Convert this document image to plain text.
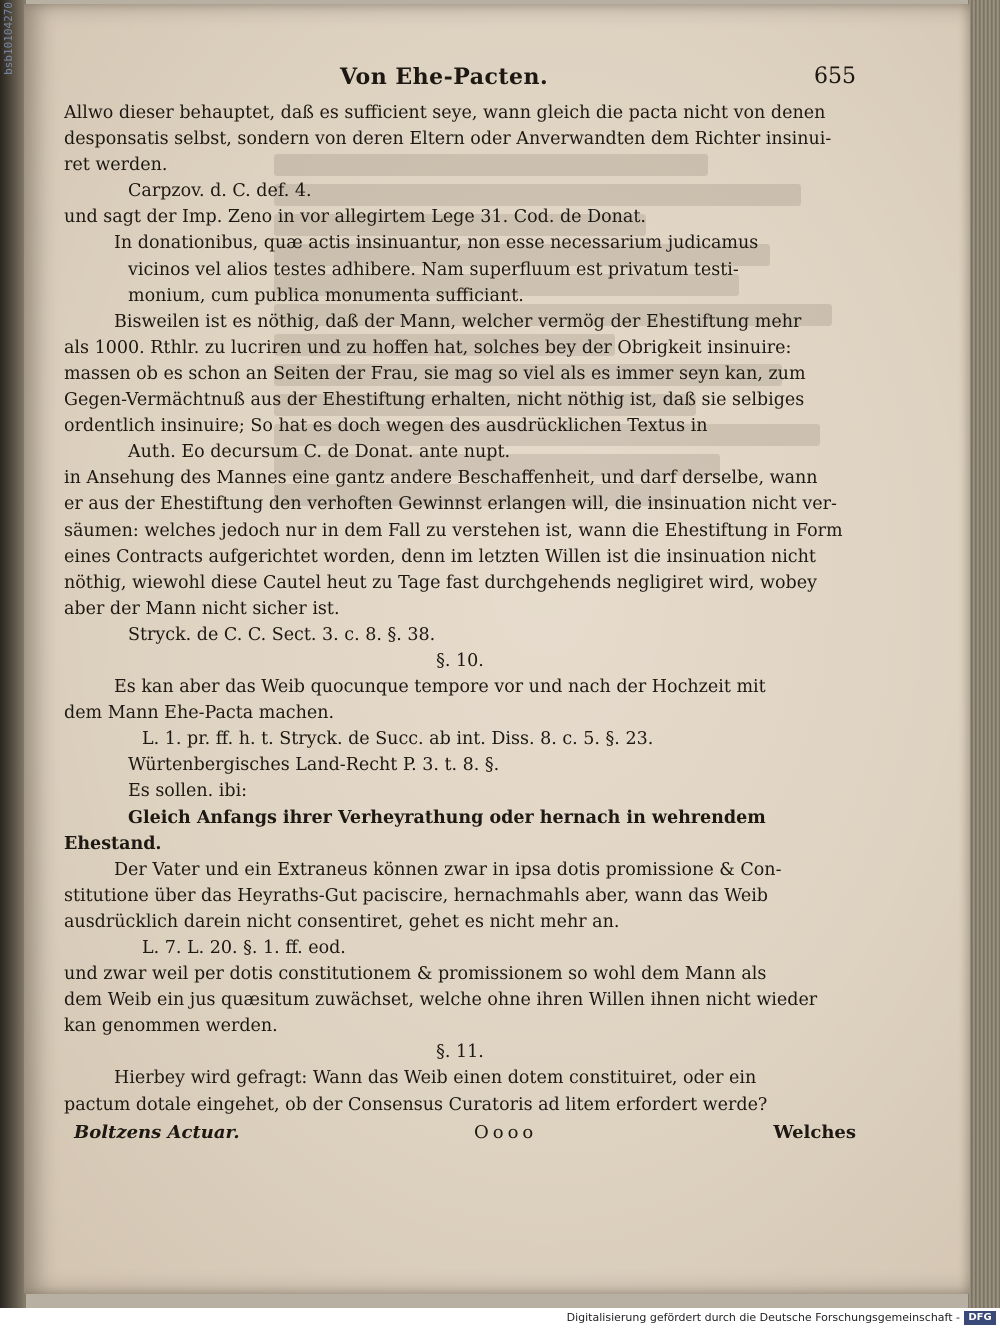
bsb10104270
Von Ehe-Pacten.	655
Allwo dieser behauptet, daß es sufficient seye, wann gleich die pacta nicht von denen
desponsatis selbst, sondern von deren Eltern oder Anverwandten dem Richter insinui-
ret werden.
Carpzov. d. C. def. 4.
und sagt der Imp. Zeno in vor allegirtem Lege 31. Cod. de Donat.
In donationibus, quæ actis insinuantur, non esse necessarium judicamus
vicinos vel alios testes adhibere. Nam superfluum est privatum testi-
monium, cum publica monumenta sufficiant.
Bisweilen ist es nöthig, daß der Mann, welcher vermög der Ehestiftung mehr
als 1000. Rthlr. zu lucriren und zu hoffen hat, solches bey der Obrigkeit insinuire:
massen ob es schon an Seiten der Frau, sie mag so viel als es immer seyn kan, zum
Gegen-Vermächtnuß aus der Ehestiftung erhalten, nicht nöthig ist, daß sie selbiges
ordentlich insinuire; So hat es doch wegen des ausdrücklichen Textus in
Auth. Eo decursum C. de Donat. ante nupt.
in Ansehung des Mannes eine gantz andere Beschaffenheit, und darf derselbe, wann
er aus der Ehestiftung den verhoften Gewinnst erlangen will, die insinuation nicht ver-
säumen: welches jedoch nur in dem Fall zu verstehen ist, wann die Ehestiftung in Form
eines Contracts aufgerichtet worden, denn im letzten Willen ist die insinuation nicht
nöthig, wiewohl diese Cautel heut zu Tage fast durchgehends negligiret wird, wobey
aber der Mann nicht sicher ist.
Stryck. de C. C. Sect. 3. c. 8. §. 38.
§. 10.
Es kan aber das Weib quocunque tempore vor und nach der Hochzeit mit
dem Mann Ehe-Pacta machen.
L. 1. pr. ff. h. t. Stryck. de Succ. ab int. Diss. 8. c. 5. §. 23.
Würtenbergisches Land-Recht P. 3. t. 8. §.
Es sollen. ibi:
Gleich Anfangs ihrer Verheyrathung oder hernach in wehrendem
Ehestand.
Der Vater und ein Extraneus können zwar in ipsa dotis promissione & Con-
stitutione über das Heyraths-Gut paciscire, hernachmahls aber, wann das Weib
ausdrücklich darein nicht consentiret, gehet es nicht mehr an.
L. 7. L. 20. §. 1. ff. eod.
und zwar weil per dotis constitutionem & promissionem so wohl dem Mann als
dem Weib ein jus quæsitum zuwächset, welche ohne ihren Willen ihnen nicht wieder
kan genommen werden.
§. 11.
Hierbey wird gefragt: Wann das Weib einen dotem constituiret, oder ein
pactum dotale eingehet, ob der Consensus Curatoris ad litem erfordert werde?
Boltzens Actuar.	Oooo	Welches
Digitalisierung gefördert durch die Deutsche Forschungsgemeinschaft - DFG
